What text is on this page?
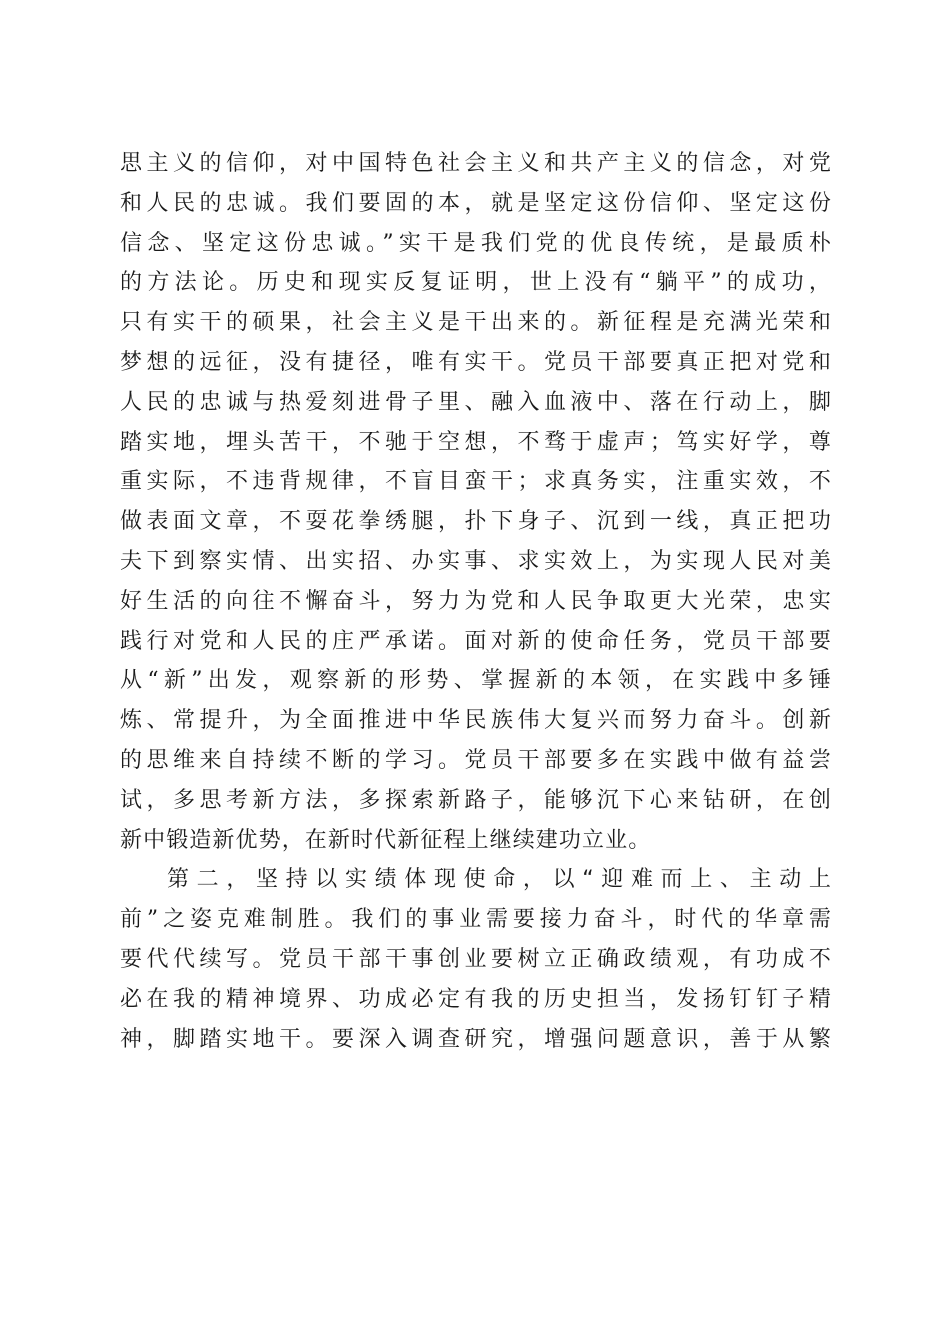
思主义的信仰，对中国特色社会主义和共产主义的信念，对党
和人民的忠诚。我们要固的本，就是坚定这份信仰、坚定这份
信念、坚定这份忠诚。”实干是我们党的优良传统，是最质朴
的方法论。历史和现实反复证明，世上没有“躺平”的成功，
只有实干的硕果，社会主义是干出来的。新征程是充满光荣和
梦想的远征，没有捷径，唯有实干。党员干部要真正把对党和
人民的忠诚与热爱刻进骨子里、融入血液中、落在行动上，脚
踏实地，埋头苦干，不驰于空想，不骛于虚声；笃实好学，尊
重实际，不违背规律，不盲目蛮干；求真务实，注重实效，不
做表面文章，不耍花拳绣腿，扑下身子、沉到一线，真正把功
夫下到察实情、出实招、办实事、求实效上，为实现人民对美
好生活的向往不懈奋斗，努力为党和人民争取更大光荣，忠实
践行对党和人民的庄严承诺。面对新的使命任务，党员干部要
从“新”出发，观察新的形势、掌握新的本领，在实践中多锤
炼、常提升，为全面推进中华民族伟大复兴而努力奋斗。创新
的思维来自持续不断的学习。党员干部要多在实践中做有益尝
试，多思考新方法，多探索新路子，能够沉下心来钻研，在创
新中锻造新优势，在新时代新征程上继续建功立业。
第二，坚持以实绩体现使命，以“迎难而上、主动上
前”之姿克难制胜。我们的事业需要接力奋斗，时代的华章需
要代代续写。党员干部干事创业要树立正确政绩观，有功成不
必在我的精神境界、功成必定有我的历史担当，发扬钉钉子精
神，脚踏实地干。要深入调查研究，增强问题意识，善于从繁
